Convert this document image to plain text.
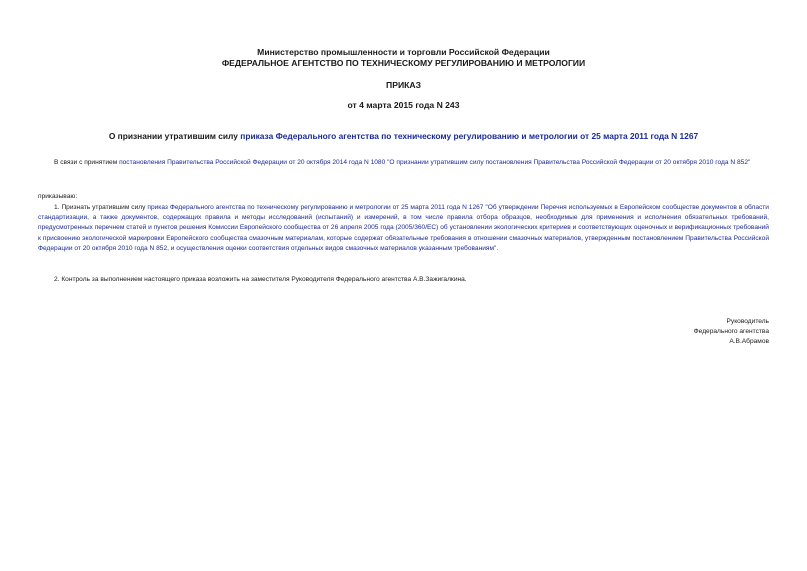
Министерство промышленности и торговли Российской Федерации
ФЕДЕРАЛЬНОЕ АГЕНТСТВО ПО ТЕХНИЧЕСКОМУ РЕГУЛИРОВАНИЮ И МЕТРОЛОГИИ
ПРИКАЗ
от 4 марта 2015 года N 243
О признании утратившим силу приказа Федерального агентства по техническому регулированию и метрологии от 25 марта 2011 года N 1267
В связи с принятием постановления Правительства Российской Федерации от 20 октября 2014 года N 1080 "О признании утратившим силу постановления Правительства Российской Федерации от 20 октября 2010 года N 852"
приказываю:
1. Признать утратившим силу приказ Федерального агентства по техническому регулированию и метрологии от 25 марта 2011 года N 1267 "Об утверждении Перечня используемых в Европейском сообществе документов в области стандартизации, а также документов, содержащих правила и методы исследований (испытаний) и измерений, в том числе правила отбора образцов, необходимые для применения и исполнения обязательных требований, предусмотренных перечнем статей и пунктов решения Комиссии Европейского сообщества от 26 апреля 2005 года (2005/360/ЕС) об установлении экологических критериев и соответствующих оценочных и верификационных требований к присвоению экологической маркировки Европейского сообщества смазочным материалам, которые содержат обязательные требования в отношении смазочных материалов, утвержденным постановлением Правительства Российской Федерации от 20 октября 2010 года N 852, и осуществления оценки соответствия отдельных видов смазочных материалов указанным требованиям".
2. Контроль за выполнением настоящего приказа возложить на заместителя Руководителя Федерального агентства А.В.Зажигалкина.
Руководитель
Федерального агентства
А.В.Абрамов
